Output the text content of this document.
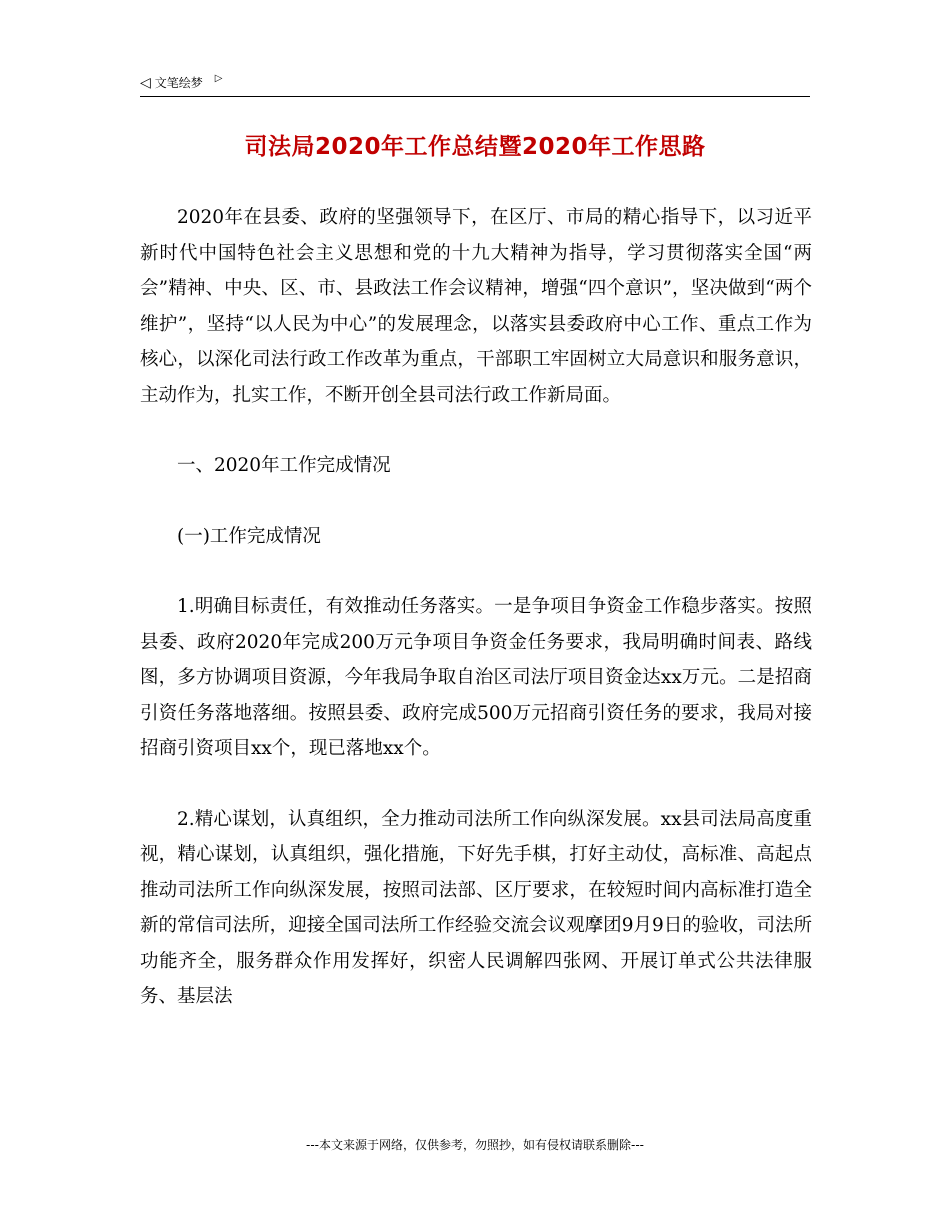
◁ 文笔绘梦 ▷
司法局2020年工作总结暨2020年工作思路

2020年在县委、政府的坚强领导下，在区厅、市局的精心指导下，以习近平新时代中国特色社会主义思想和党的十九大精神为指导，学习贯彻落实全国“两会”精神、中央、区、市、县政法工作会议精神，增强“四个意识”，坚决做到“两个维护”，坚持“以人民为中心”的发展理念，以落实县委政府中心工作、重点工作为核心，以深化司法行政工作改革为重点，干部职工牢固树立大局意识和服务意识，主动作为，扎实工作，不断开创全县司法行政工作新局面。

一、2020年工作完成情况

(一)工作完成情况

1.明确目标责任，有效推动任务落实。一是争项目争资金工作稳步落实。按照县委、政府2020年完成200万元争项目争资金任务要求，我局明确时间表、路线图，多方协调项目资源，今年我局争取自治区司法厅项目资金达xx万元。二是招商引资任务落地落细。按照县委、政府完成500万元招商引资任务的要求，我局对接招商引资项目xx个，现已落地xx个。

2.精心谋划，认真组织，全力推动司法所工作向纵深发展。xx县司法局高度重视，精心谋划，认真组织，强化措施，下好先手棋，打好主动仗，高标准、高起点推动司法所工作向纵深发展，按照司法部、区厅要求，在较短时间内高标准打造全新的常信司法所，迎接全国司法所工作经验交流会议观摩团9月9日的验收，司法所功能齐全，服务群众作用发挥好，织密人民调解四张网、开展订单式公共法律服务、基层法

---本文来源于网络，仅供参考，勿照抄，如有侵权请联系删除---
